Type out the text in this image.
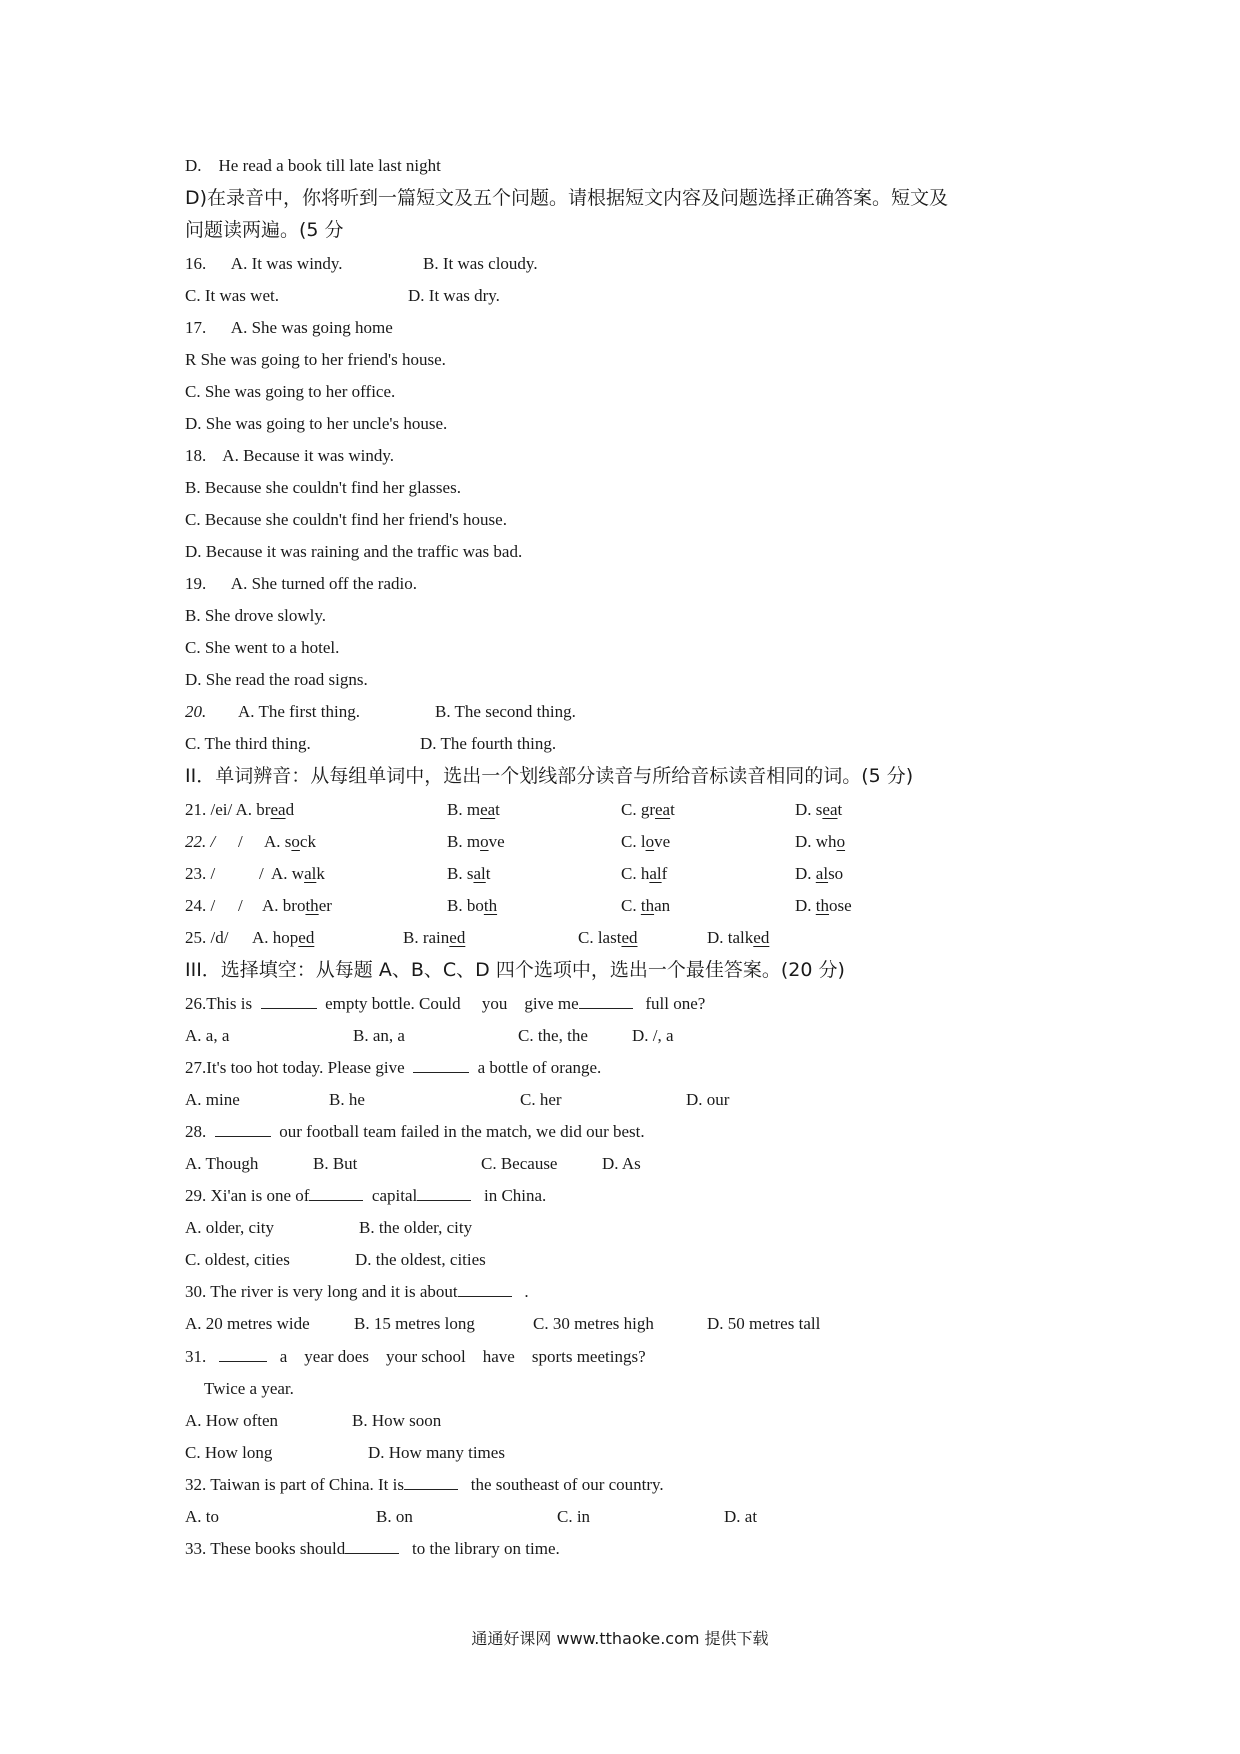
D.    He read a book till late last night
D)在录音中，你将听到一篇短文及五个问题。请根据短文内容及问题选择正确答案。短文及
问题读两遍。(5 分
16.      A. It was windy.	B. It was cloudy.
C. It was wet.	D. It was dry.
17.      A. She was going home
R She was going to her friend's house.
C. She was going to her office.
D. She was going to her uncle's house.
18.    A. Because it was windy.
B. Because she couldn't find her glasses.
C. Because she couldn't find her friend's house.
D. Because it was raining and the traffic was bad.
19.      A. She turned off the radio.
B. She drove slowly.
C. She went to a hotel.
D. She read the road signs.
20. A. The first thing.	B. The second thing.
C. The third thing.	D. The fourth thing.
II．单词辨音：从每组单词中，选出一个划线部分读音与所给音标读音相同的词。(5 分)
21. /ei/ A. bread	B. meat	C. great	D. seat
22. / / A. sock	B. move	C. love	D. who
23. /	/ A. walk	B. salt	C. half	D. also
24. / / A. brother	B. both	C. than	D. those
25. /d/ A. hoped	B. rained	C. lasted	D. talked
III．选择填空：从每题 A、B、C、D 四个选项中，选出一个最佳答案。(20 分)
26.This is	empty bottle. Could     you    give me	full one?
A. a, a	B. an, a	C. the, the	D. /, a
27.It's too hot today. Please give	a bottle of orange.
A. mine	B. he	C. her	D. our
28.	our football team failed in the match, we did our best.
A. Though	B. But	C. Because	D. As
29. Xi'an is one of	capital	in China.
A. older, city	B. the older, city
C. oldest, cities	D. the oldest, cities
30. The river is very long and it is about	.
A. 20 metres wide	B. 15 metres long	C. 30 metres high	D. 50 metres tall
31.	a    year does    your school    have    sports meetings?
Twice a year.
A. How often	B. How soon
C. How long	D. How many times
32. Taiwan is part of China. It is	the southeast of our country.
A. to	B. on	C. in	D. at
33. These books should	to the library on time.
通通好课网 www.tthaoke.com 提供下载
